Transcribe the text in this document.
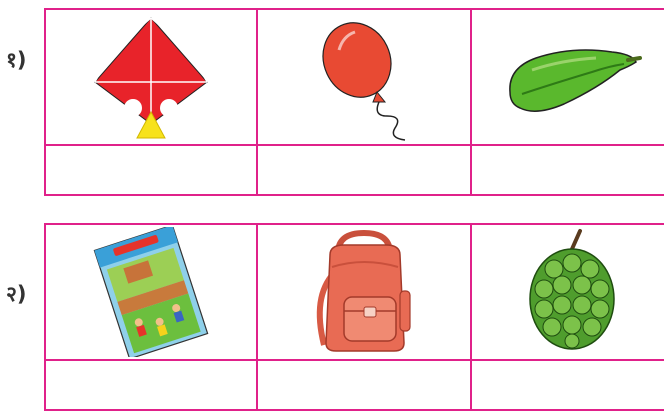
१)
२)
